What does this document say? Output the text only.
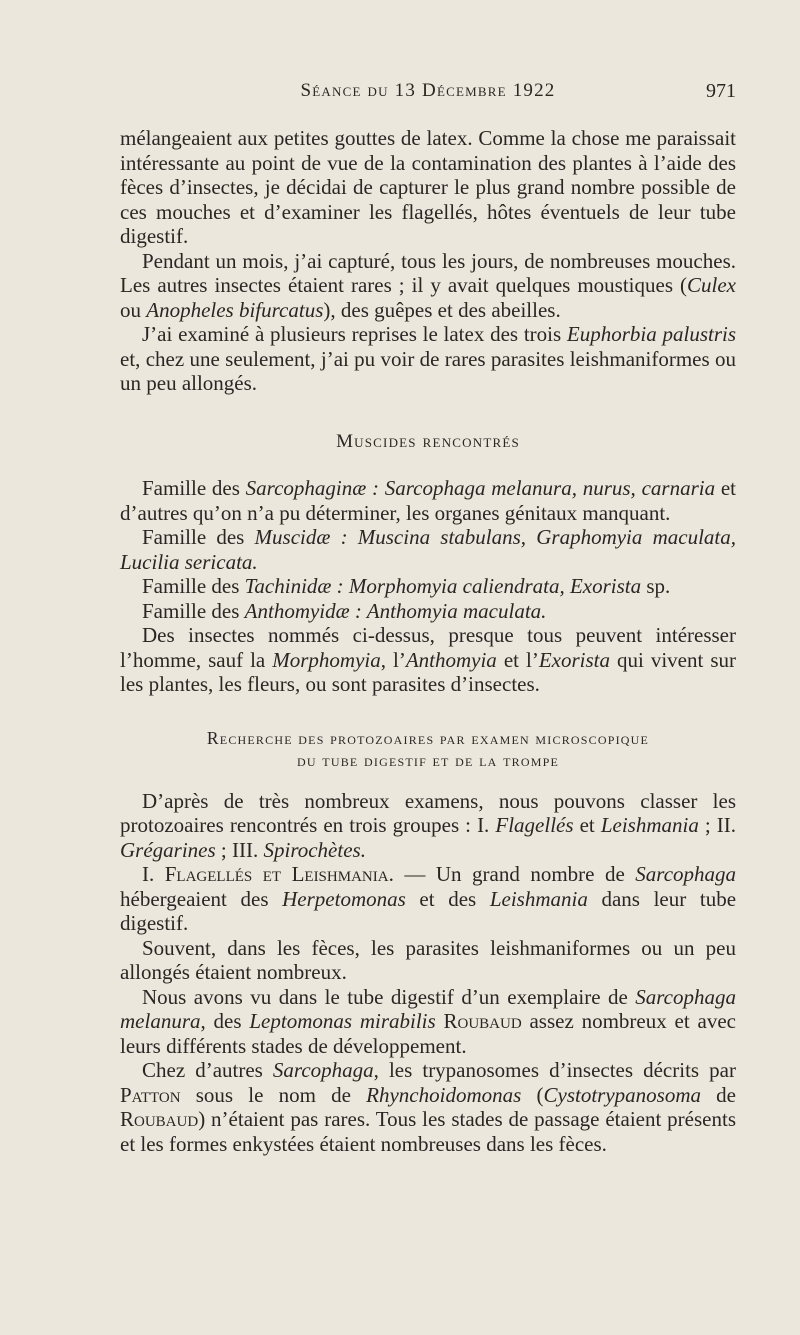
Séance du 13 Décembre 1922	971

mélangeaient aux petites gouttes de latex. Comme la chose me paraissait intéressante au point de vue de la contamination des plantes à l’aide des fèces d’insectes, je décidai de capturer le plus grand nombre possible de ces mouches et d’examiner les flagellés, hôtes éventuels de leur tube digestif.

Pendant un mois, j’ai capturé, tous les jours, de nombreuses mouches. Les autres insectes étaient rares ; il y avait quelques moustiques (Culex ou Anopheles bifurcatus), des guêpes et des abeilles.

J’ai examiné à plusieurs reprises le latex des trois Euphorbia palustris et, chez une seulement, j’ai pu voir de rares parasites leishmaniformes ou un peu allongés.

Muscides rencontrés

Famille des Sarcophaginæ : Sarcophaga melanura, nurus, carnaria et d’autres qu’on n’a pu déterminer, les organes génitaux manquant.

Famille des Muscidæ : Muscina stabulans, Graphomyia maculata, Lucilia sericata.

Famille des Tachinidæ : Morphomyia caliendrata, Exorista sp.

Famille des Anthomyidæ : Anthomyia maculata.

Des insectes nommés ci-dessus, presque tous peuvent intéresser l’homme, sauf la Morphomyia, l’Anthomyia et l’Exorista qui vivent sur les plantes, les fleurs, ou sont parasites d’insectes.

Recherche des protozoaires par examen microscopique
du tube digestif et de la trompe

D’après de très nombreux examens, nous pouvons classer les protozoaires rencontrés en trois groupes : I. Flagellés et Leishmania ; II. Grégarines ; III. Spirochètes.

I. Flagellés et Leishmania. — Un grand nombre de Sarcophaga hébergeaient des Herpetomonas et des Leishmania dans leur tube digestif.

Souvent, dans les fèces, les parasites leishmaniformes ou un peu allongés étaient nombreux.

Nous avons vu dans le tube digestif d’un exemplaire de Sarcophaga melanura, des Leptomonas mirabilis Roubaud assez nombreux et avec leurs différents stades de développement.

Chez d’autres Sarcophaga, les trypanosomes d’insectes décrits par Patton sous le nom de Rhynchoidomonas (Cystotrypanosoma de Roubaud) n’étaient pas rares. Tous les stades de passage étaient présents et les formes enkystées étaient nombreuses dans les fèces.
